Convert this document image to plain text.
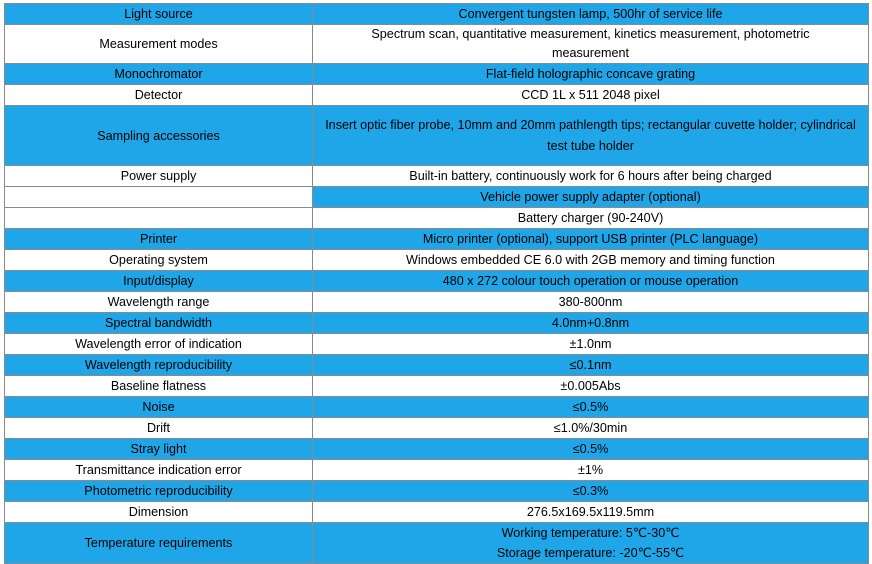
Light source	Convergent tungsten lamp, 500hr of service life
Measurement modes	Spectrum scan, quantitative measurement, kinetics measurement, photometric measurement
Monochromator	Flat-field holographic concave grating
Detector	CCD 1L x 511 2048 pixel
Sampling accessories	Insert optic fiber probe, 10mm and 20mm pathlength tips; rectangular cuvette holder; cylindrical test tube holder
Power supply	Built-in battery, continuously work for 6 hours after being charged
	Vehicle power supply adapter (optional)
	Battery charger (90-240V)
Printer	Micro printer (optional), support USB printer (PLC language)
Operating system	Windows embedded CE 6.0 with 2GB memory and timing function
Input/display	480 x 272 colour touch operation or mouse operation
Wavelength range	380-800nm
Spectral bandwidth	4.0nm+0.8nm
Wavelength error of indication	±1.0nm
Wavelength reproducibility	≤0.1nm
Baseline flatness	±0.005Abs
Noise	≤0.5%
Drift	≤1.0%/30min
Stray light	≤0.5%
Transmittance indication error	±1%
Photometric reproducibility	≤0.3%
Dimension	276.5x169.5x119.5mm
Temperature requirements	Working temperature: 5℃-30℃
Storage temperature: -20℃-55℃
